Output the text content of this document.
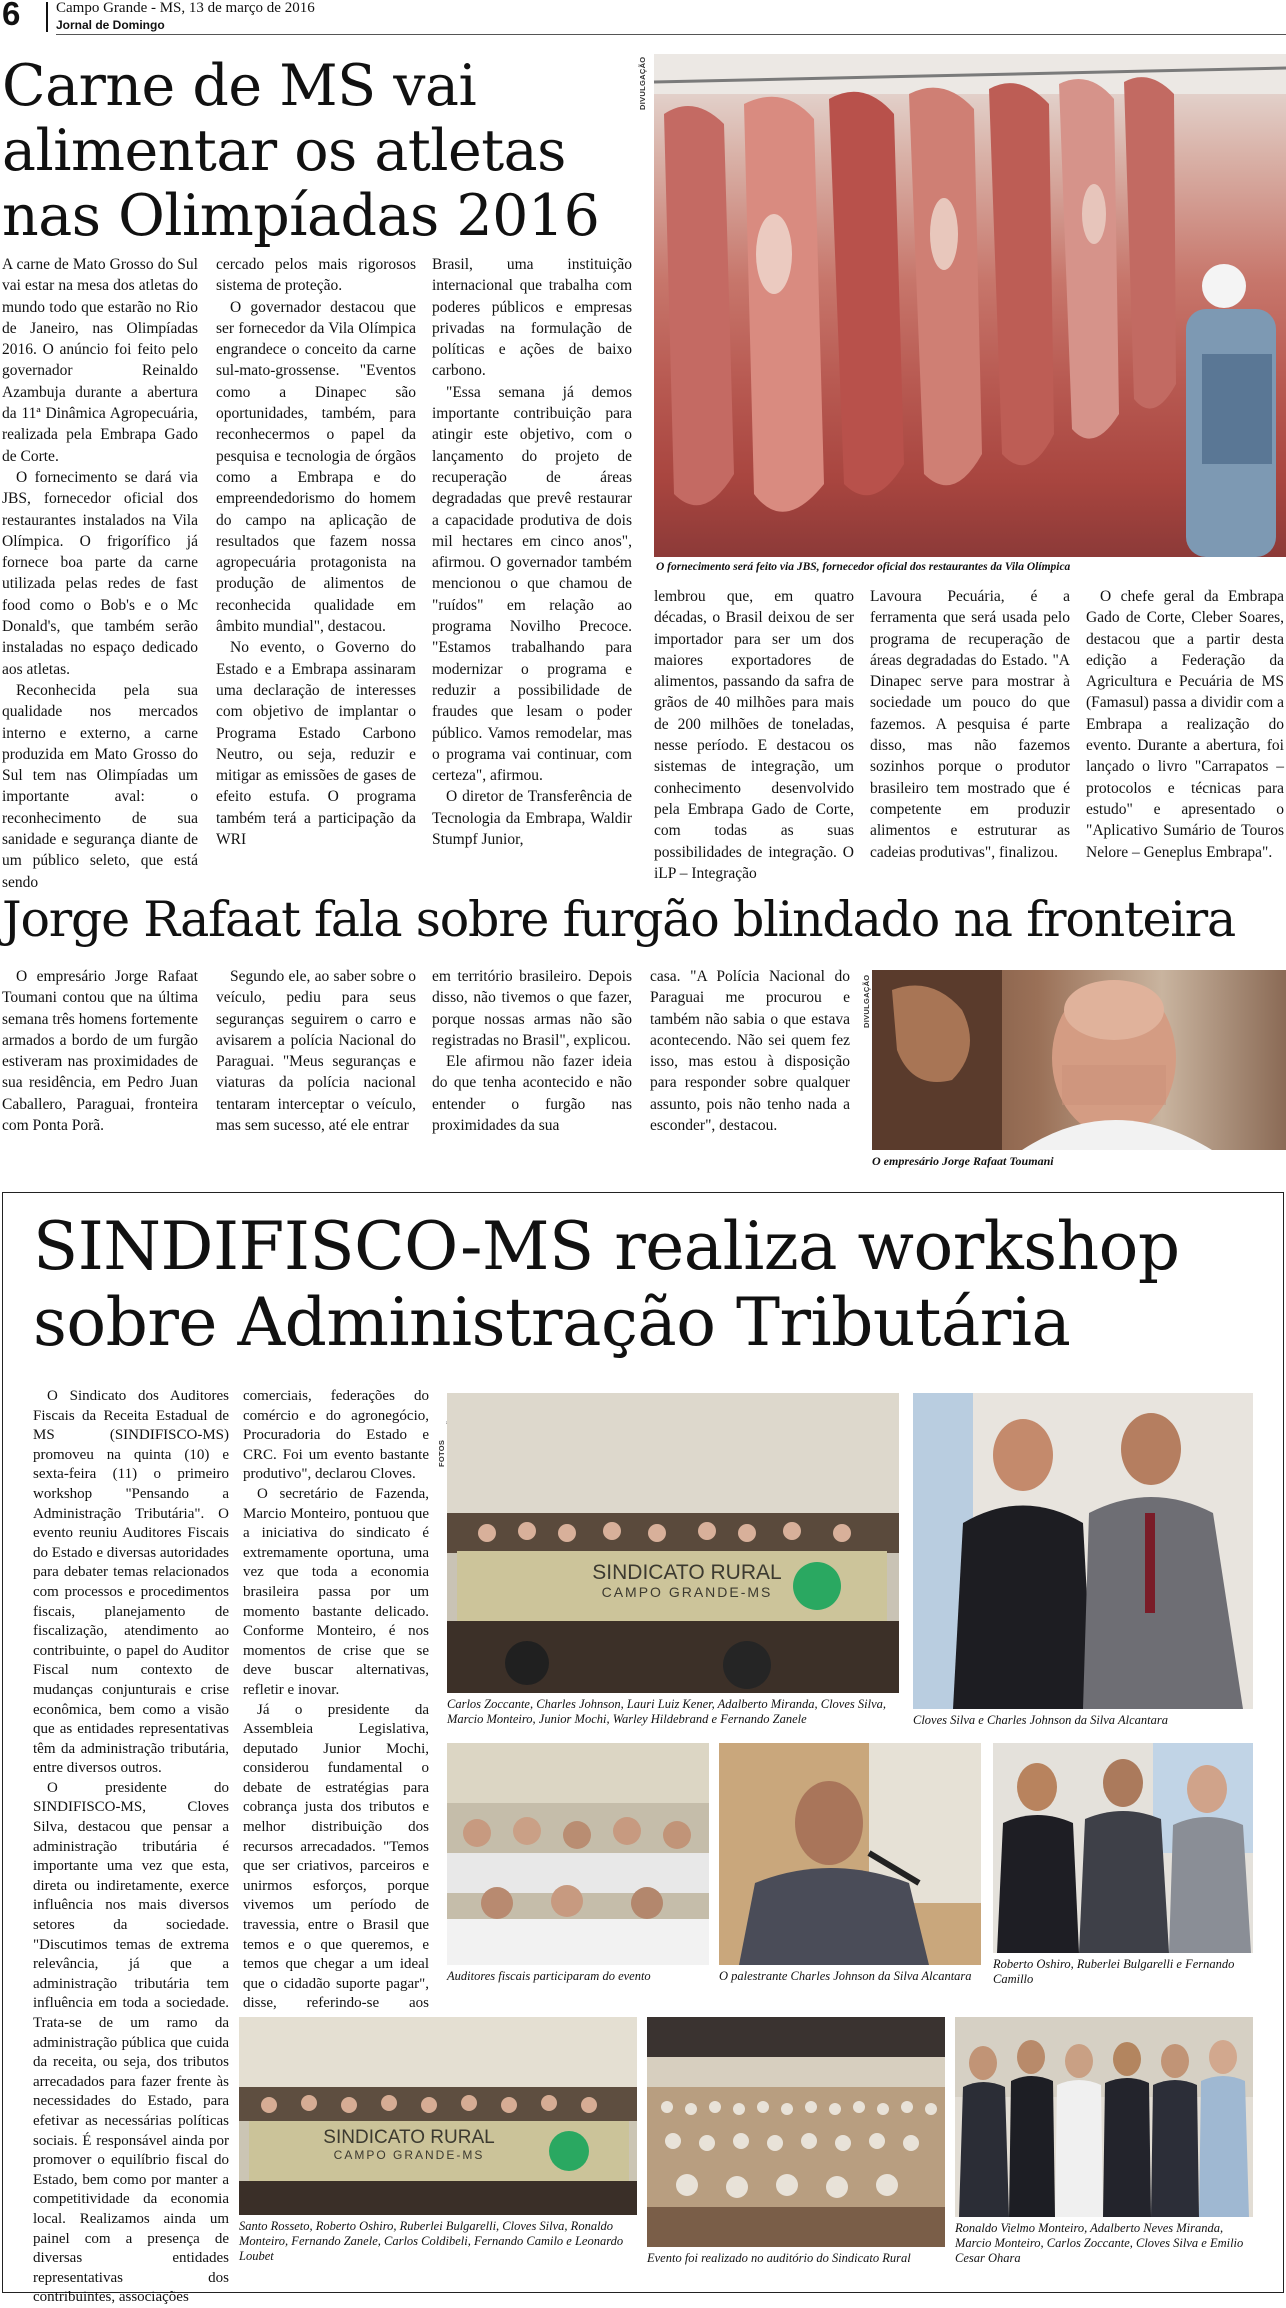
6 Campo Grande - MS, 13 de março de 2016
Jornal de Domingo
Carne de MS vai alimentar os atletas nas Olimpíadas 2016
DIVULGAÇÃO
O fornecimento será feito via JBS, fornecedor oficial dos restaurantes da Vila Olímpica

A carne de Mato Grosso do Sul vai estar na mesa dos atletas do mundo todo que estarão no Rio de Janeiro, nas Olimpíadas 2016. O anúncio foi feito pelo governador Reinaldo Azambuja durante a abertura da 11ª Dinâmica Agropecuária, realizada pela Embrapa Gado de Corte.

O fornecimento se dará via JBS, fornecedor oficial dos restaurantes instalados na Vila Olímpica. O frigorífico já fornece boa parte da carne utilizada pelas redes de fast food como o Bob's e o Mc Donald's, que também serão instaladas no espaço dedicado aos atletas.

Reconhecida pela sua qualidade nos mercados interno e externo, a carne produzida em Mato Grosso do Sul tem nas Olimpíadas um importante aval: o reconhecimento de sua sanidade e segurança diante de um público seleto, que está sendo

cercado pelos mais rigorosos sistema de proteção.

O governador destacou que ser fornecedor da Vila Olímpica engrandece o conceito da carne sul-mato-grossense. "Eventos como a Dinapec são oportunidades, também, para reconhecermos o papel da pesquisa e tecnologia de órgãos como a Embrapa e do empreendedorismo do homem do campo na aplicação de resultados que fazem nossa agropecuária protagonista na produção de alimentos de reconhecida qualidade em âmbito mundial", destacou.

No evento, o Governo do Estado e a Embrapa assinaram uma declaração de interesses com objetivo de implantar o Programa Estado Carbono Neutro, ou seja, reduzir e mitigar as emissões de gases de efeito estufa. O programa também terá a participação da WRI

Brasil, uma instituição internacional que trabalha com poderes públicos e empresas privadas na formulação de políticas e ações de baixo carbono.

"Essa semana já demos importante contribuição para atingir este objetivo, com o lançamento do projeto de recuperação de áreas degradadas que prevê restaurar a capacidade produtiva de dois mil hectares em cinco anos", afirmou. O governador também mencionou o que chamou de "ruídos" em relação ao programa Novilho Precoce. "Estamos trabalhando para modernizar o programa e reduzir a possibilidade de fraudes que lesam o poder público. Vamos remodelar, mas o programa vai continuar, com certeza", afirmou.

O diretor de Transferência de Tecnologia da Embrapa, Waldir Stumpf Junior,

lembrou que, em quatro décadas, o Brasil deixou de ser importador para ser um dos maiores exportadores de alimentos, passando da safra de grãos de 40 milhões para mais de 200 milhões de toneladas, nesse período. E destacou os sistemas de integração, um conhecimento desenvolvido pela Embrapa Gado de Corte, com todas as suas possibilidades de integração. O iLP – Integração

Lavoura Pecuária, é a ferramenta que será usada pelo programa de recuperação de áreas degradadas do Estado. "A Dinapec serve para mostrar à sociedade um pouco do que fazemos. A pesquisa é parte disso, mas não fazemos sozinhos porque o produtor brasileiro tem mostrado que é competente em produzir alimentos e estruturar as cadeias produtivas", finalizou.

O chefe geral da Embrapa Gado de Corte, Cleber Soares, destacou que a partir desta edição a Federação da Agricultura e Pecuária de MS (Famasul) passa a dividir com a Embrapa a realização do evento. Durante a abertura, foi lançado o livro "Carrapatos – protocolos e técnicas para estudo" e apresentado o "Aplicativo Sumário de Touros Nelore – Geneplus Embrapa".

Jorge Rafaat fala sobre furgão blindado na fronteira

O empresário Jorge Rafaat Toumani contou que na última semana três homens fortemente armados a bordo de um furgão estiveram nas proximidades de sua residência, em Pedro Juan Caballero, Paraguai, fronteira com Ponta Porã.

Segundo ele, ao saber sobre o veículo, pediu para seus seguranças seguirem o carro e avisarem a polícia Nacional do Paraguai. "Meus seguranças e viaturas da polícia nacional tentaram interceptar o veículo, mas sem sucesso, até ele entrar

em território brasileiro. Depois disso, não tivemos o que fazer, porque nossas armas não são registradas no Brasil", explicou.

Ele afirmou não fazer ideia do que tenha acontecido e não entender o furgão nas proximidades da sua

casa. "A Polícia Nacional do Paraguai me procurou e também não sabia o que estava acontecendo. Não sei quem fez isso, mas estou à disposição para responder sobre qualquer assunto, pois não tenho nada a esconder", destacou.

DIVULGAÇÃO
O empresário Jorge Rafaat Toumani
SINDIFISCO-MS realiza workshop
sobre Administração Tributária

O Sindicato dos Auditores Fiscais da Receita Estadual de MS (SINDIFISCO-MS) promoveu na quinta (10) e sexta-feira (11) o primeiro workshop "Pensando a Administração Tributária". O evento reuniu Auditores Fiscais do Estado e diversas autoridades para debater temas relacionados com processos e procedimentos fiscais, planejamento de fiscalização, atendimento ao contribuinte, o papel do Auditor Fiscal num contexto de mudanças conjunturais e crise econômica, bem como a visão que as entidades representativas têm da administração tributária, entre diversos outros.

O presidente do SINDIFISCO-MS, Cloves Silva, destacou que pensar a administração tributária é importante uma vez que esta, direta ou indiretamente, exerce influência nos mais diversos setores da sociedade. "Discutimos temas de extrema relevância, já que a administração tributária tem influência em toda a sociedade. Trata-se de um ramo da administração pública que cuida da receita, ou seja, dos tributos arrecadados para fazer frente às necessidades do Estado, para efetivar as necessárias políticas sociais. É responsável ainda por promover o equilíbrio fiscal do Estado, bem como por manter a competitividade da economia local. Realizamos ainda um painel com a presença de diversas entidades representativas dos contribuintes, associações

comerciais, federações do comércio e do agronegócio, Procuradoria do Estado e CRC. Foi um evento bastante produtivo", declarou Cloves.

O secretário de Fazenda, Marcio Monteiro, pontuou que a iniciativa do sindicato é extremamente oportuna, uma vez que toda a economia brasileira passa por um momento bastante delicado. Conforme Monteiro, é nos momentos de crise que se deve buscar alternativas, refletir e inovar.

Já o presidente da Assembleia Legislativa, deputado Junior Mochi, considerou fundamental o debate de estratégias para cobrança justa dos tributos e melhor distribuição dos recursos arrecadados. "Temos que ser criativos, parceiros e unirmos esforços, porque vivemos um período de travessia, entre o Brasil que temos e o que queremos, e temos que chegar a um ideal que o cidadão suporte pagar", disse, referindo-se aos

FOTOS
SINDICATO RURAL
CAMPO GRANDE-MS
Carlos Zoccante, Charles Johnson, Lauri Luiz Kener, Adalberto Miranda, Cloves Silva, Marcio Monteiro, Junior Mochi, Warley Hildebrand e Fernando Zanele	Cloves Silva e Charles Johnson da Silva Alcantara
Auditores fiscais participaram do evento	O palestrante Charles Johnson da Silva Alcantara
Roberto Oshiro, Ruberlei Bulgarelli e Fernando Camillo
SINDICATO RURAL
CAMPO GRANDE-MS
Santo Rosseto, Roberto Oshiro, Ruberlei Bulgarelli, Cloves Silva, Ronaldo Monteiro, Fernando Zanele, Carlos Coldibeli, Fernando Camilo e Leonardo Loubet	Evento foi realizado no auditório do Sindicato Rural
Ronaldo Vielmo Monteiro, Adalberto Neves Miranda, Marcio Monteiro, Carlos Zoccante, Cloves Silva e Emilio Cesar Ohara
